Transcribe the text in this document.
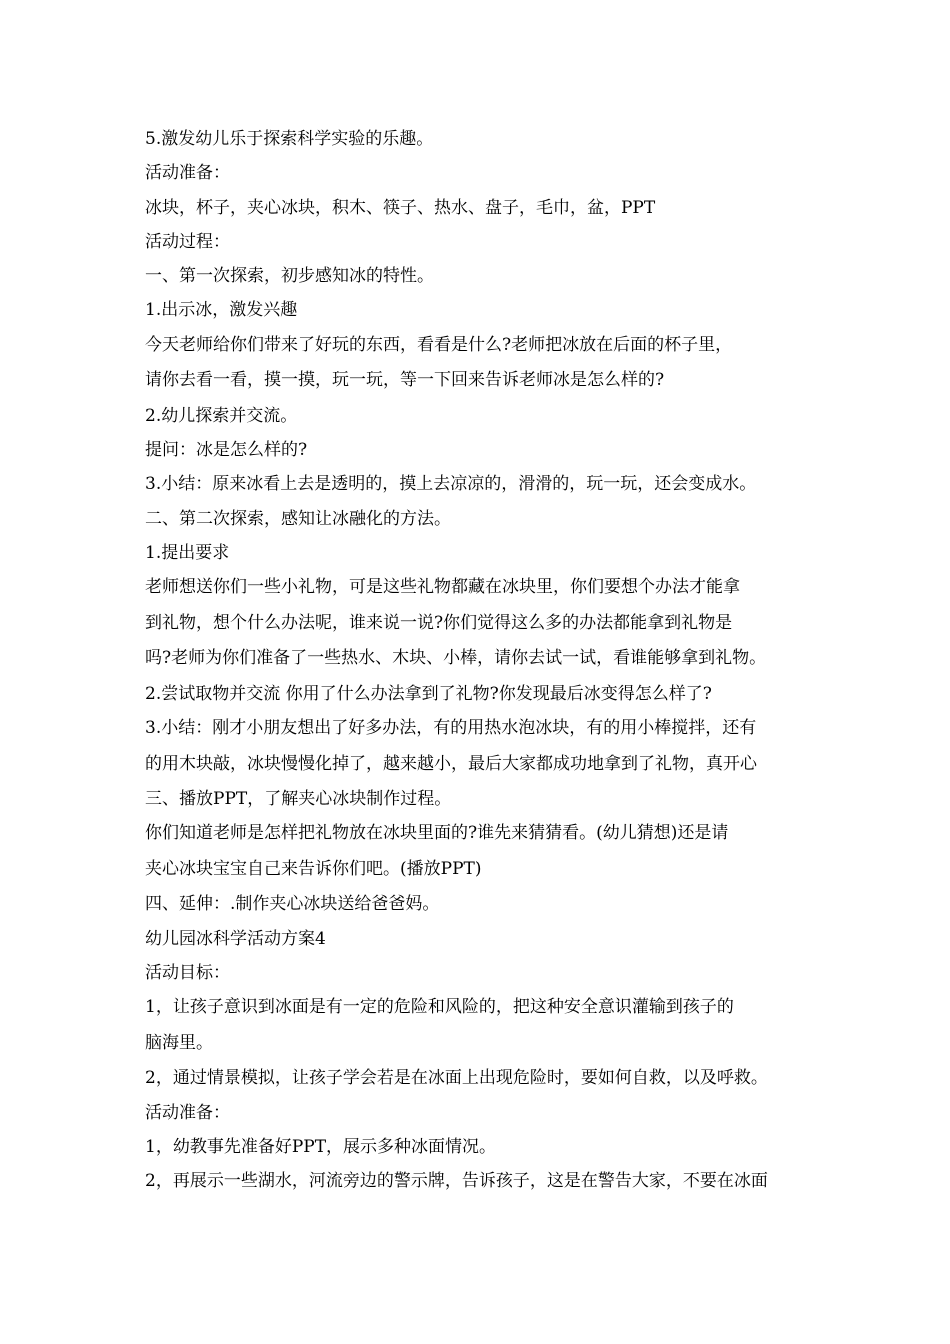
5.激发幼儿乐于探索科学实验的乐趣。
活动准备：
冰块，杯子，夹心冰块，积木、筷子、热水、盘子，毛巾，盆，PPT
活动过程：
一、第一次探索，初步感知冰的特性。
1.出示冰，激发兴趣
今天老师给你们带来了好玩的东西，看看是什么?老师把冰放在后面的杯子里，
请你去看一看，摸一摸，玩一玩，等一下回来告诉老师冰是怎么样的?
2.幼儿探索并交流。
提问：冰是怎么样的?
3.小结：原来冰看上去是透明的，摸上去凉凉的，滑滑的，玩一玩，还会变成水。
二、第二次探索，感知让冰融化的方法。
1.提出要求
老师想送你们一些小礼物，可是这些礼物都藏在冰块里，你们要想个办法才能拿
到礼物，想个什么办法呢，谁来说一说?你们觉得这么多的办法都能拿到礼物是
吗?老师为你们准备了一些热水、木块、小棒，请你去试一试，看谁能够拿到礼物。
2.尝试取物并交流 你用了什么办法拿到了礼物?你发现最后冰变得怎么样了?
3.小结：刚才小朋友想出了好多办法，有的用热水泡冰块，有的用小棒搅拌，还有
的用木块敲，冰块慢慢化掉了，越来越小，最后大家都成功地拿到了礼物，真开心
三、播放PPT，了解夹心冰块制作过程。
你们知道老师是怎样把礼物放在冰块里面的?谁先来猜猜看。(幼儿猜想)还是请
夹心冰块宝宝自己来告诉你们吧。(播放PPT)
四、延伸：.制作夹心冰块送给爸爸妈。
幼儿园冰科学活动方案4
活动目标：
1，让孩子意识到冰面是有一定的危险和风险的，把这种安全意识灌输到孩子的
脑海里。
2，通过情景模拟，让孩子学会若是在冰面上出现危险时，要如何自救，以及呼救。
活动准备：
1，幼教事先准备好PPT，展示多种冰面情况。
2，再展示一些湖水，河流旁边的警示牌，告诉孩子，这是在警告大家，不要在冰面
